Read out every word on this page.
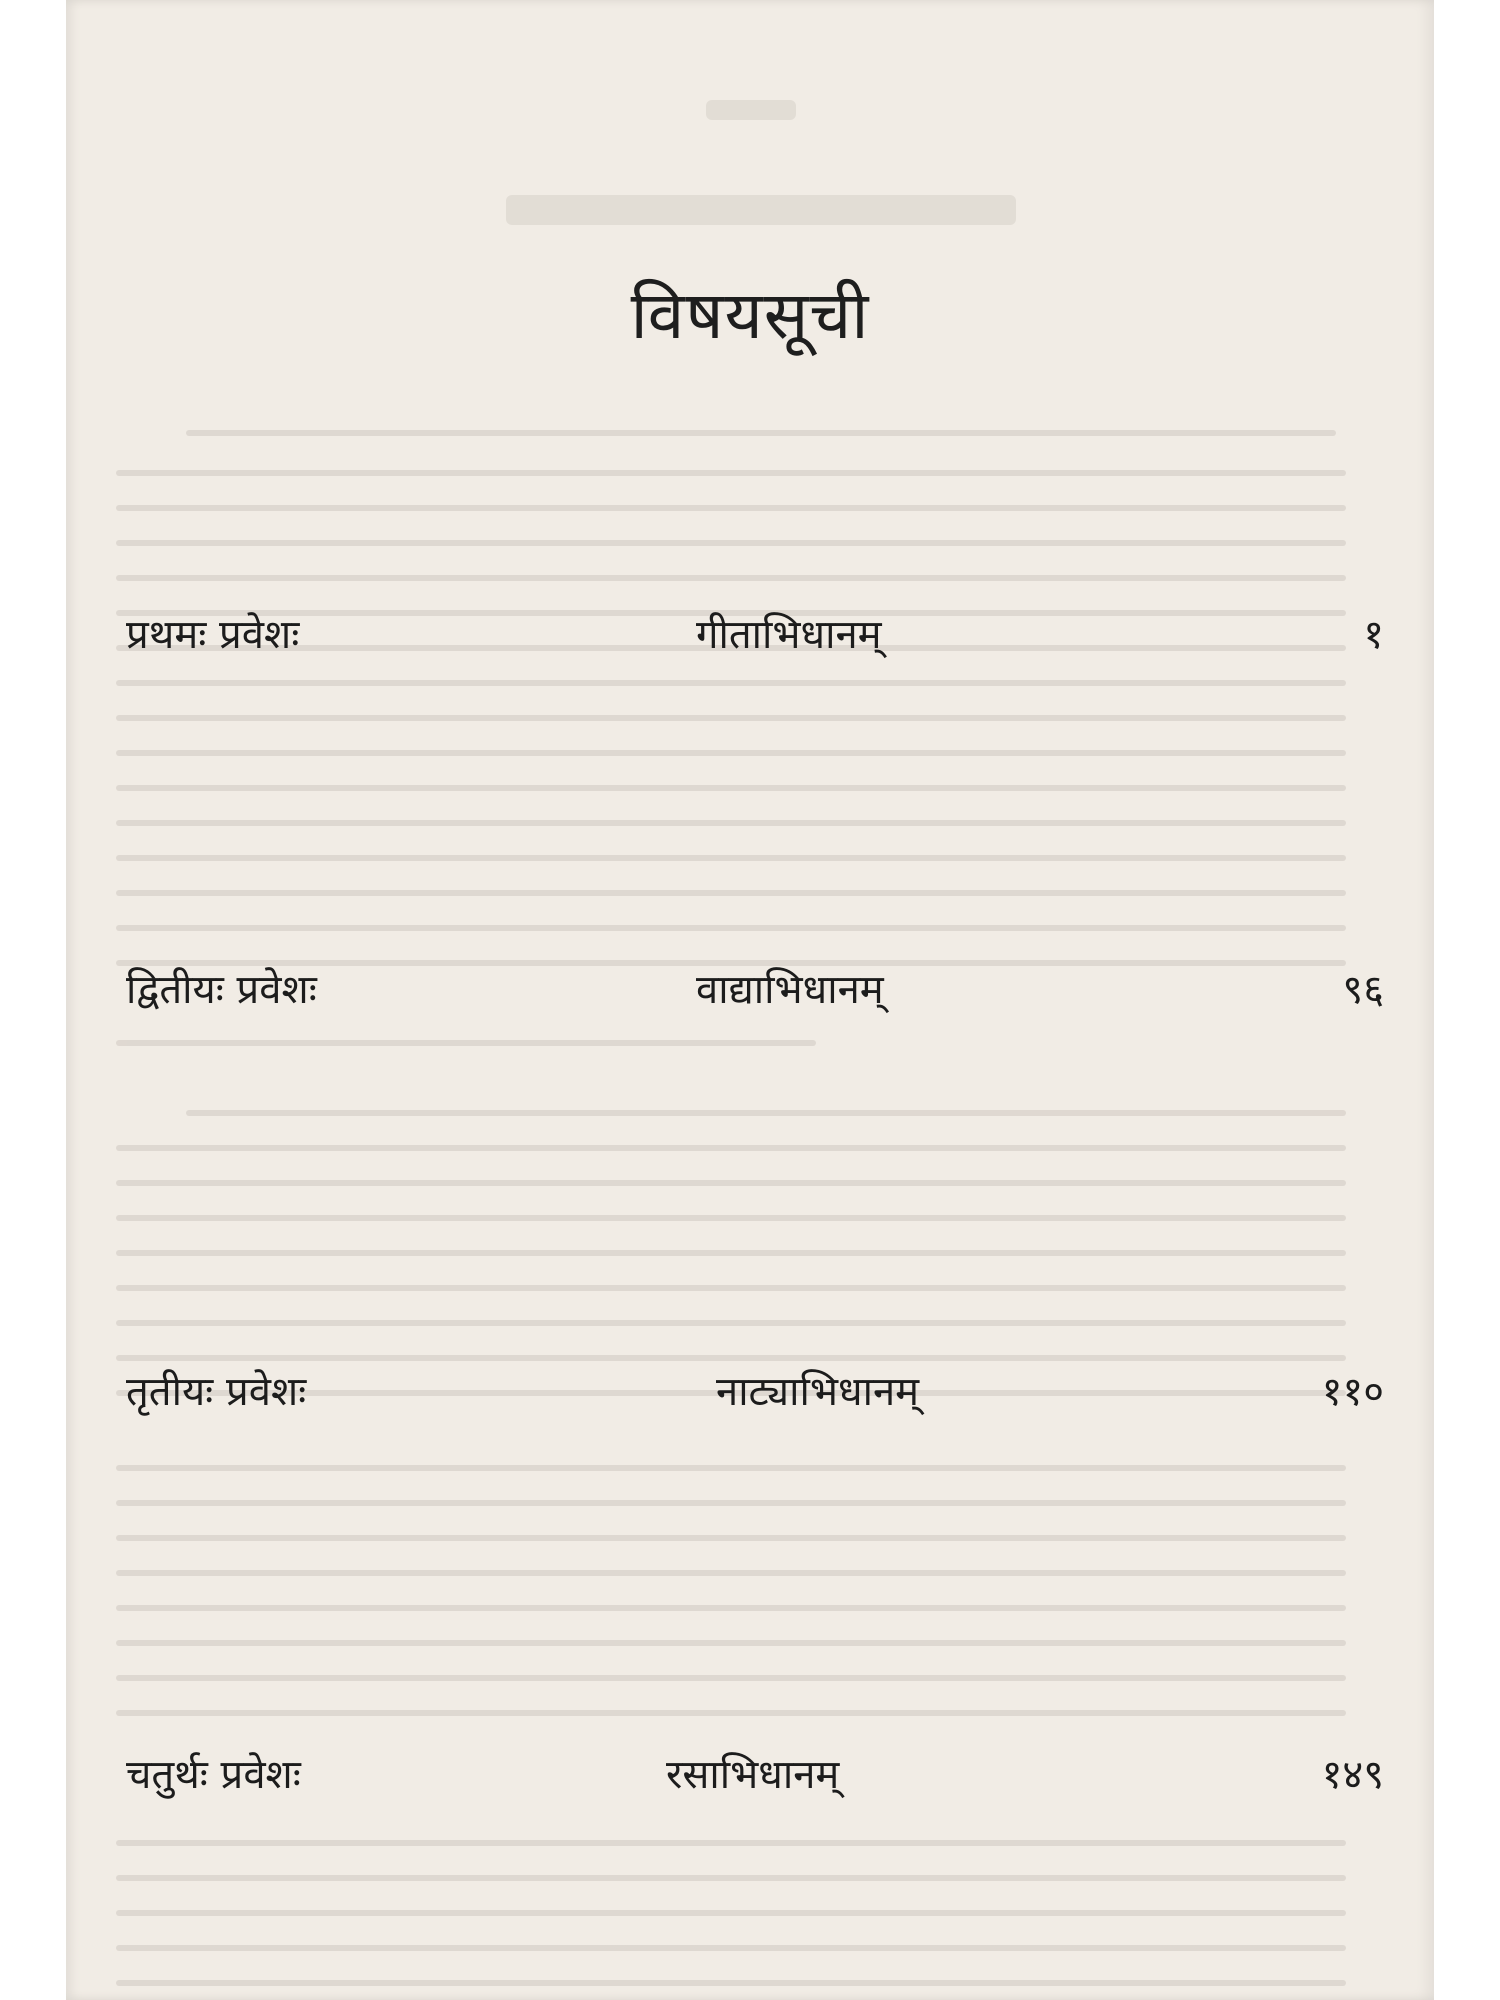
विषयसूची
प्रथमः प्रवेशः	गीताभिधानम्	१
द्वितीयः प्रवेशः	वाद्याभिधानम्	९६
तृतीयः प्रवेशः	नाट्याभिधानम्	११०
चतुर्थः प्रवेशः	रसाभिधानम्	१४९
